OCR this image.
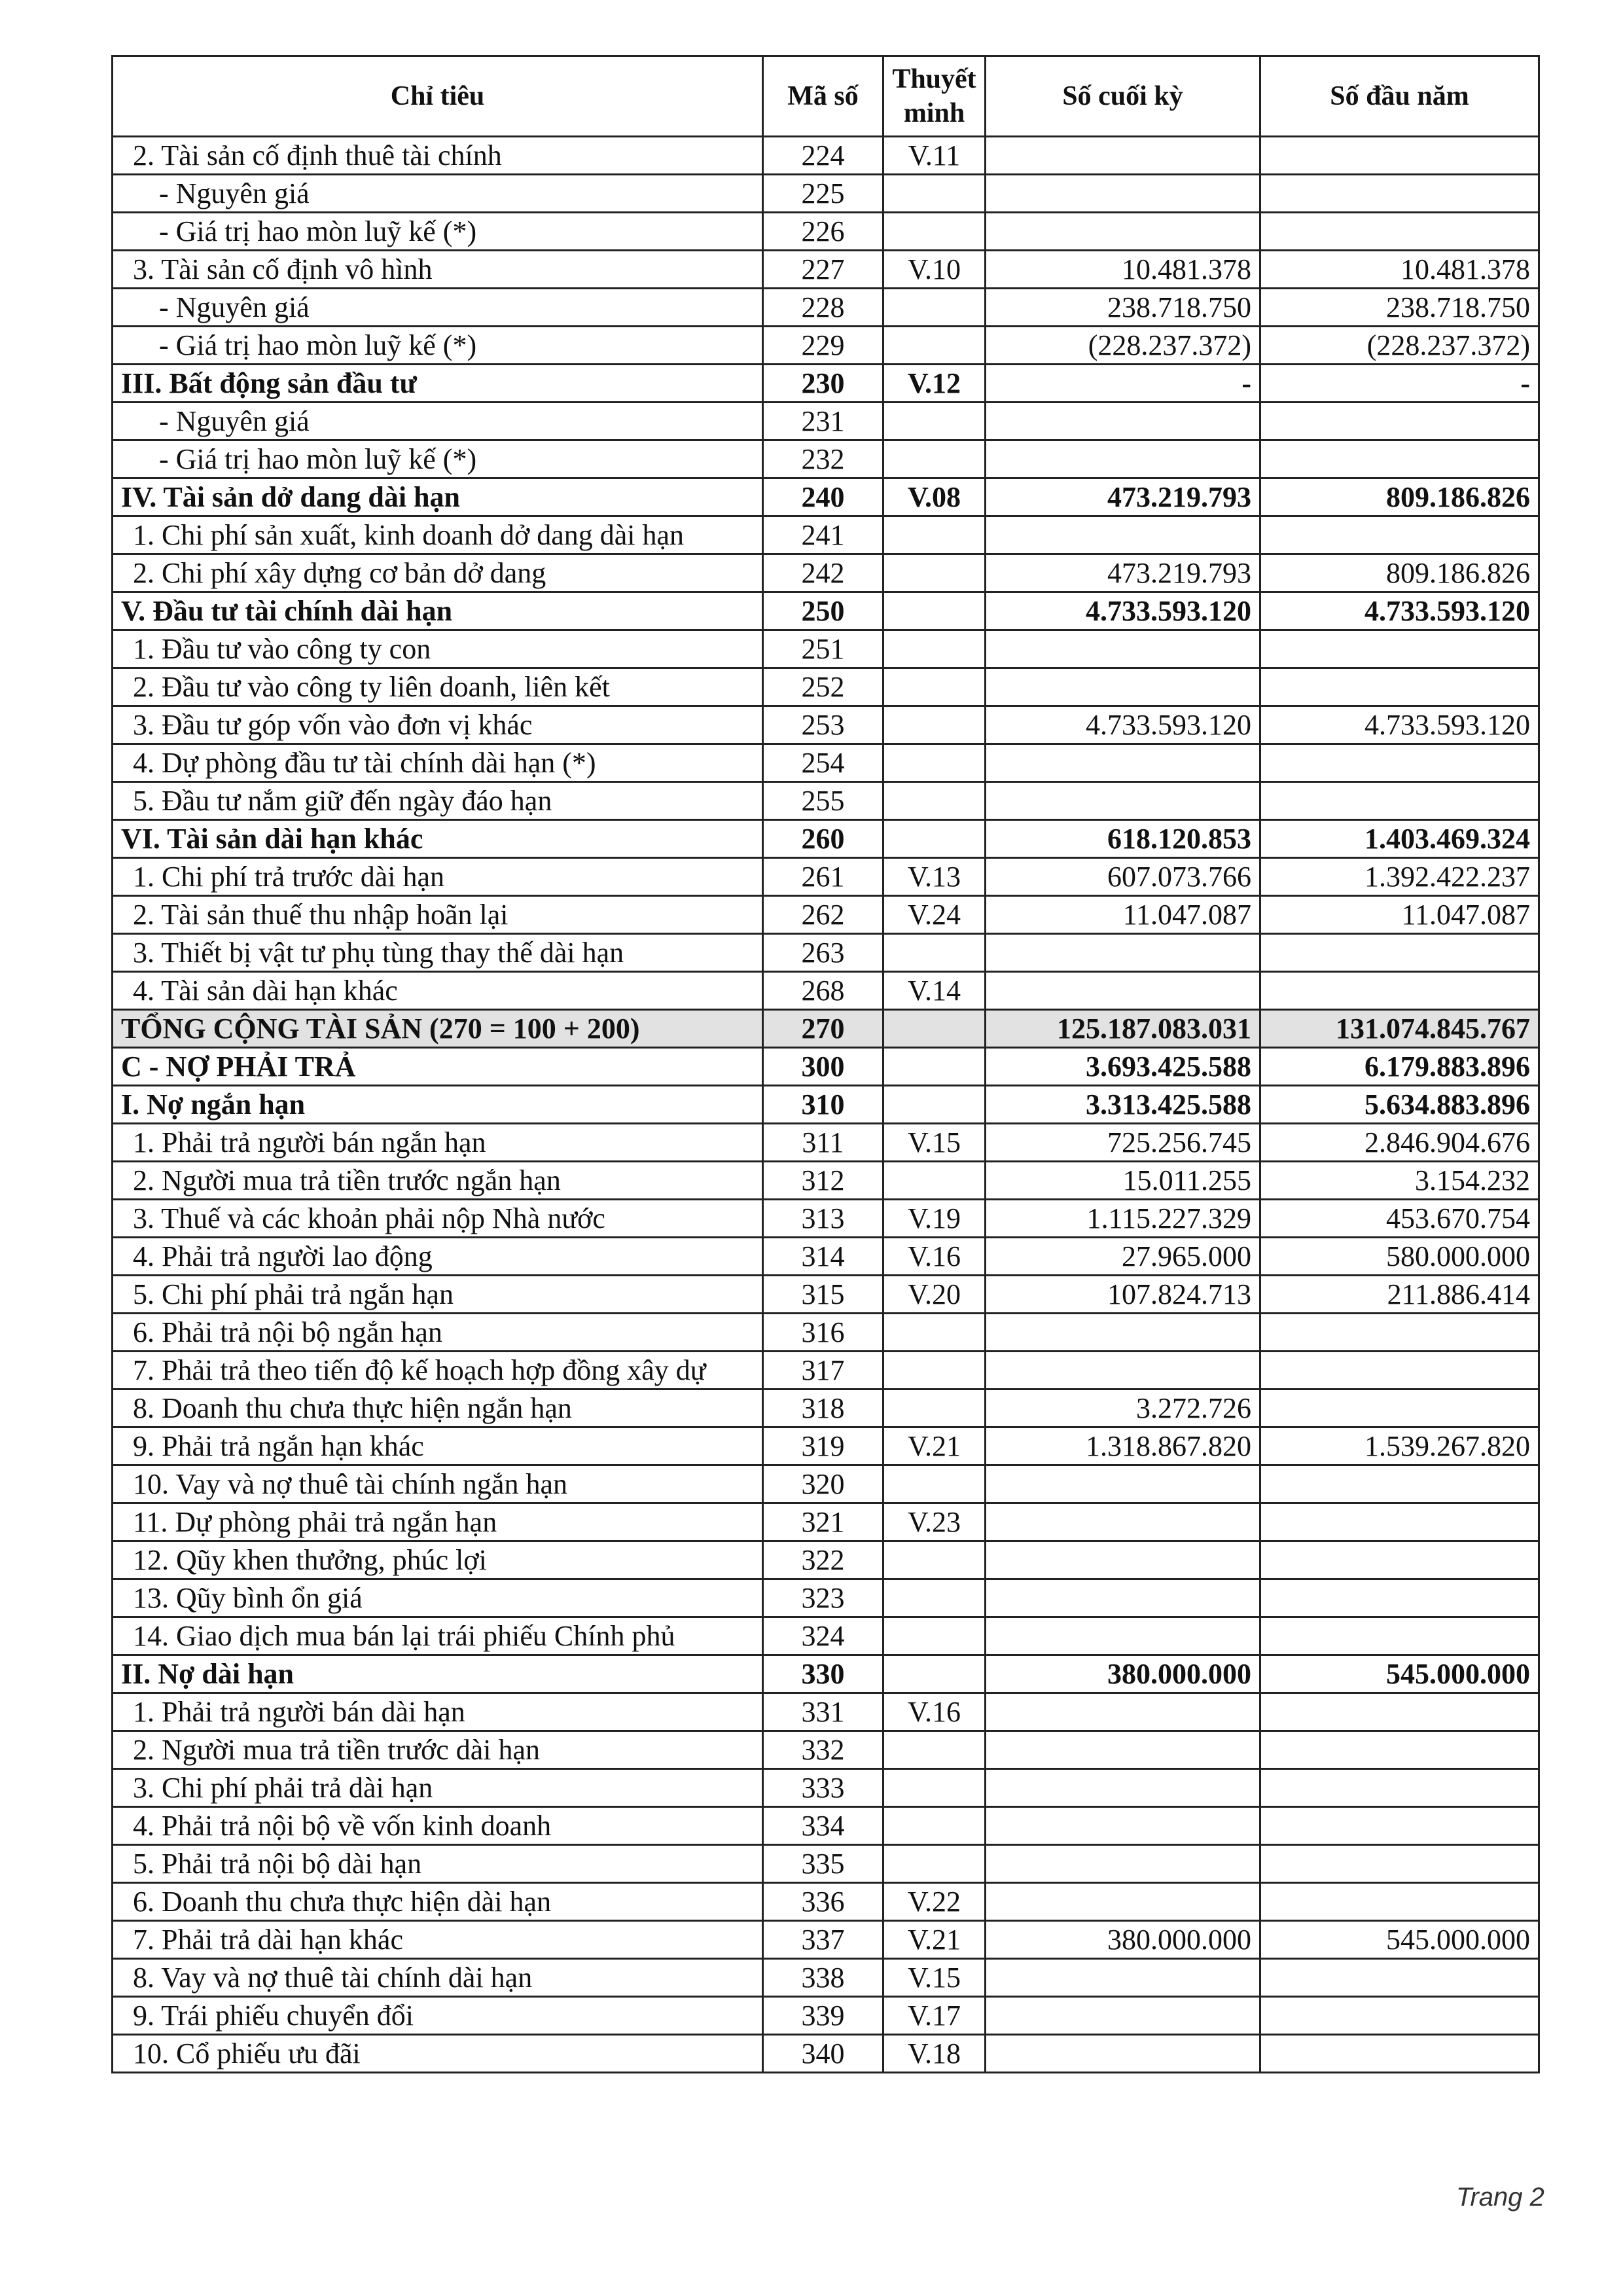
Chỉ tiêu	Mã số	Thuyết minh	Số cuối kỳ	Số đầu năm
2. Tài sản cố định thuê tài chính	224	V.11		
- Nguyên giá	225			
- Giá trị hao mòn luỹ kế (*)	226			
3. Tài sản cố định vô hình	227	V.10	10.481.378	10.481.378
- Nguyên giá	228		238.718.750	238.718.750
- Giá trị hao mòn luỹ kế (*)	229		(228.237.372)	(228.237.372)
III. Bất động sản đầu tư	230	V.12	-	-
- Nguyên giá	231			
- Giá trị hao mòn luỹ kế (*)	232			
IV. Tài sản dở dang dài hạn	240	V.08	473.219.793	809.186.826
1. Chi phí sản xuất, kinh doanh dở dang dài hạn	241			
2. Chi phí xây dựng cơ bản dở dang	242		473.219.793	809.186.826
V. Đầu tư tài chính dài hạn	250		4.733.593.120	4.733.593.120
1. Đầu tư vào công ty con	251			
2. Đầu tư vào công ty liên doanh, liên kết	252			
3. Đầu tư góp vốn vào đơn vị khác	253		4.733.593.120	4.733.593.120
4. Dự phòng đầu tư tài chính dài hạn (*)	254			
5. Đầu tư nắm giữ đến ngày đáo hạn	255			
VI. Tài sản dài hạn khác	260		618.120.853	1.403.469.324
1. Chi phí trả trước dài hạn	261	V.13	607.073.766	1.392.422.237
2. Tài sản thuế thu nhập hoãn lại	262	V.24	11.047.087	11.047.087
3. Thiết bị vật tư phụ tùng thay thế dài hạn	263			
4. Tài sản dài hạn khác	268	V.14		
TỔNG CỘNG TÀI SẢN (270 = 100 + 200)	270		125.187.083.031	131.074.845.767
C - NỢ PHẢI TRẢ	300		3.693.425.588	6.179.883.896
I. Nợ ngắn hạn	310		3.313.425.588	5.634.883.896
1. Phải trả người bán ngắn hạn	311	V.15	725.256.745	2.846.904.676
2. Người mua trả tiền trước ngắn hạn	312		15.011.255	3.154.232
3. Thuế và các khoản phải nộp Nhà nước	313	V.19	1.115.227.329	453.670.754
4. Phải trả người lao động	314	V.16	27.965.000	580.000.000
5. Chi phí phải trả ngắn hạn	315	V.20	107.824.713	211.886.414
6. Phải trả nội bộ ngắn hạn	316			
7. Phải trả theo tiến độ kế hoạch hợp đồng xây dự	317			
8. Doanh thu chưa thực hiện ngắn hạn	318		3.272.726	
9. Phải trả ngắn hạn khác	319	V.21	1.318.867.820	1.539.267.820
10. Vay và nợ thuê tài chính ngắn hạn	320			
11. Dự phòng phải trả ngắn hạn	321	V.23		
12. Qũy khen thưởng, phúc lợi	322			
13. Qũy bình ổn giá	323			
14. Giao dịch mua bán lại trái phiếu Chính phủ	324			
II. Nợ dài hạn	330		380.000.000	545.000.000
1. Phải trả người bán dài hạn	331	V.16		
2. Người mua trả tiền trước dài hạn	332			
3. Chi phí phải trả dài hạn	333			
4. Phải trả nội bộ về vốn kinh doanh	334			
5. Phải trả nội bộ dài hạn	335			
6. Doanh thu chưa thực hiện dài hạn	336	V.22		
7. Phải trả dài hạn khác	337	V.21	380.000.000	545.000.000
8. Vay và nợ thuê tài chính dài hạn	338	V.15		
9. Trái phiếu chuyển đổi	339	V.17		
10. Cổ phiếu ưu đãi	340	V.18		
Trang 2
